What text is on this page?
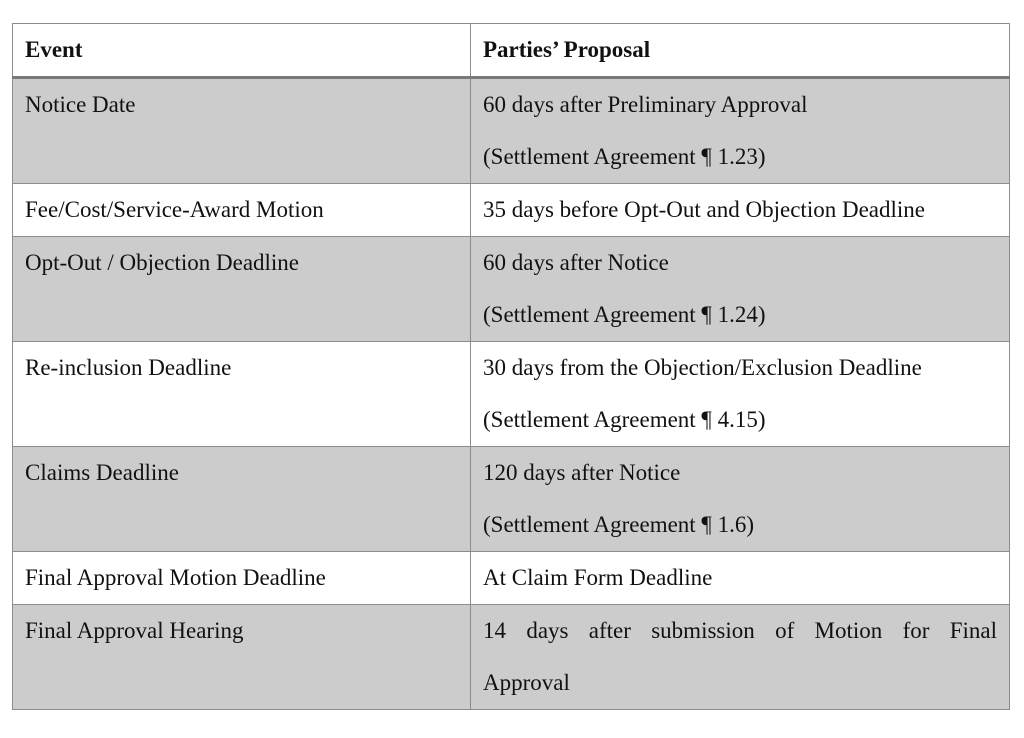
Event	Parties’ Proposal
Notice Date	60 days after Preliminary Approval
(Settlement Agreement ¶ 1.23)

Fee/Cost/Service-Award Motion	35 days before Opt-Out and Objection Deadline

Opt-Out / Objection Deadline	60 days after Notice
(Settlement Agreement ¶ 1.24)

Re-inclusion Deadline	30 days from the Objection/Exclusion Deadline
(Settlement Agreement ¶ 4.15)

Claims Deadline	120 days after Notice
(Settlement Agreement ¶ 1.6)

Final Approval Motion Deadline	At Claim Form Deadline

Final Approval Hearing	14 days after submission of Motion for Final
Approval
